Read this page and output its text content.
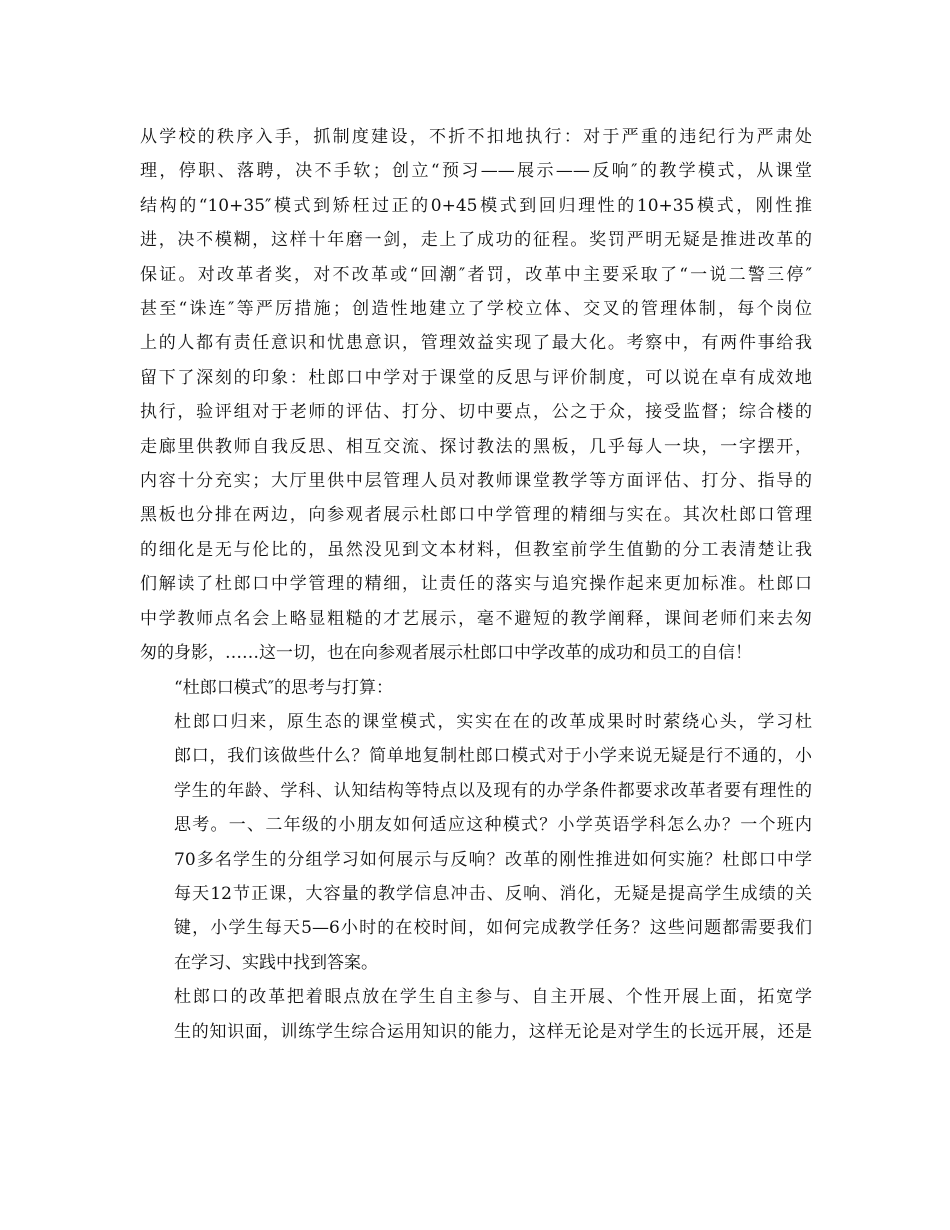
从学校的秩序入手，抓制度建设，不折不扣地执行：对于严重的违纪行为严肃处
理，停职、落聘，决不手软；创立“预习——展示——反响″的教学模式，从课堂
结构的“10+35″模式到矫枉过正的0+45模式到回归理性的10+35模式，刚性推
进，决不模糊，这样十年磨一剑，走上了成功的征程。奖罚严明无疑是推进改革的
保证。对改革者奖，对不改革或“回潮″者罚，改革中主要采取了“一说二警三停″
甚至“诛连″等严厉措施；创造性地建立了学校立体、交叉的管理体制，每个岗位
上的人都有责任意识和忧患意识，管理效益实现了最大化。考察中，有两件事给我
留下了深刻的印象：杜郎口中学对于课堂的反思与评价制度，可以说在卓有成效地
执行，验评组对于老师的评估、打分、切中要点，公之于众，接受监督；综合楼的
走廊里供教师自我反思、相互交流、探讨教法的黑板，几乎每人一块，一字摆开，
内容十分充实；大厅里供中层管理人员对教师课堂教学等方面评估、打分、指导的
黑板也分排在两边，向参观者展示杜郎口中学管理的精细与实在。其次杜郎口管理
的细化是无与伦比的，虽然没见到文本材料，但教室前学生值勤的分工表清楚让我
们解读了杜郎口中学管理的精细，让责任的落实与追究操作起来更加标准。杜郎口
中学教师点名会上略显粗糙的才艺展示，毫不避短的教学阐释，课间老师们来去匆
匆的身影，……这一切，也在向参观者展示杜郎口中学改革的成功和员工的自信！

“杜郎口模式″的思考与打算：

杜郎口归来，原生态的课堂模式，实实在在的改革成果时时萦绕心头，学习杜
郎口，我们该做些什么？简单地复制杜郎口模式对于小学来说无疑是行不通的，小
学生的年龄、学科、认知结构等特点以及现有的办学条件都要求改革者要有理性的
思考。一、二年级的小朋友如何适应这种模式？小学英语学科怎么办？一个班内
70多名学生的分组学习如何展示与反响？改革的刚性推进如何实施？杜郎口中学
每天12节正课，大容量的教学信息冲击、反响、消化，无疑是提高学生成绩的关
键，小学生每天5—6小时的在校时间，如何完成教学任务？这些问题都需要我们
在学习、实践中找到答案。

杜郎口的改革把着眼点放在学生自主参与、自主开展、个性开展上面，拓宽学
生的知识面，训练学生综合运用知识的能力，这样无论是对学生的长远开展，还是
